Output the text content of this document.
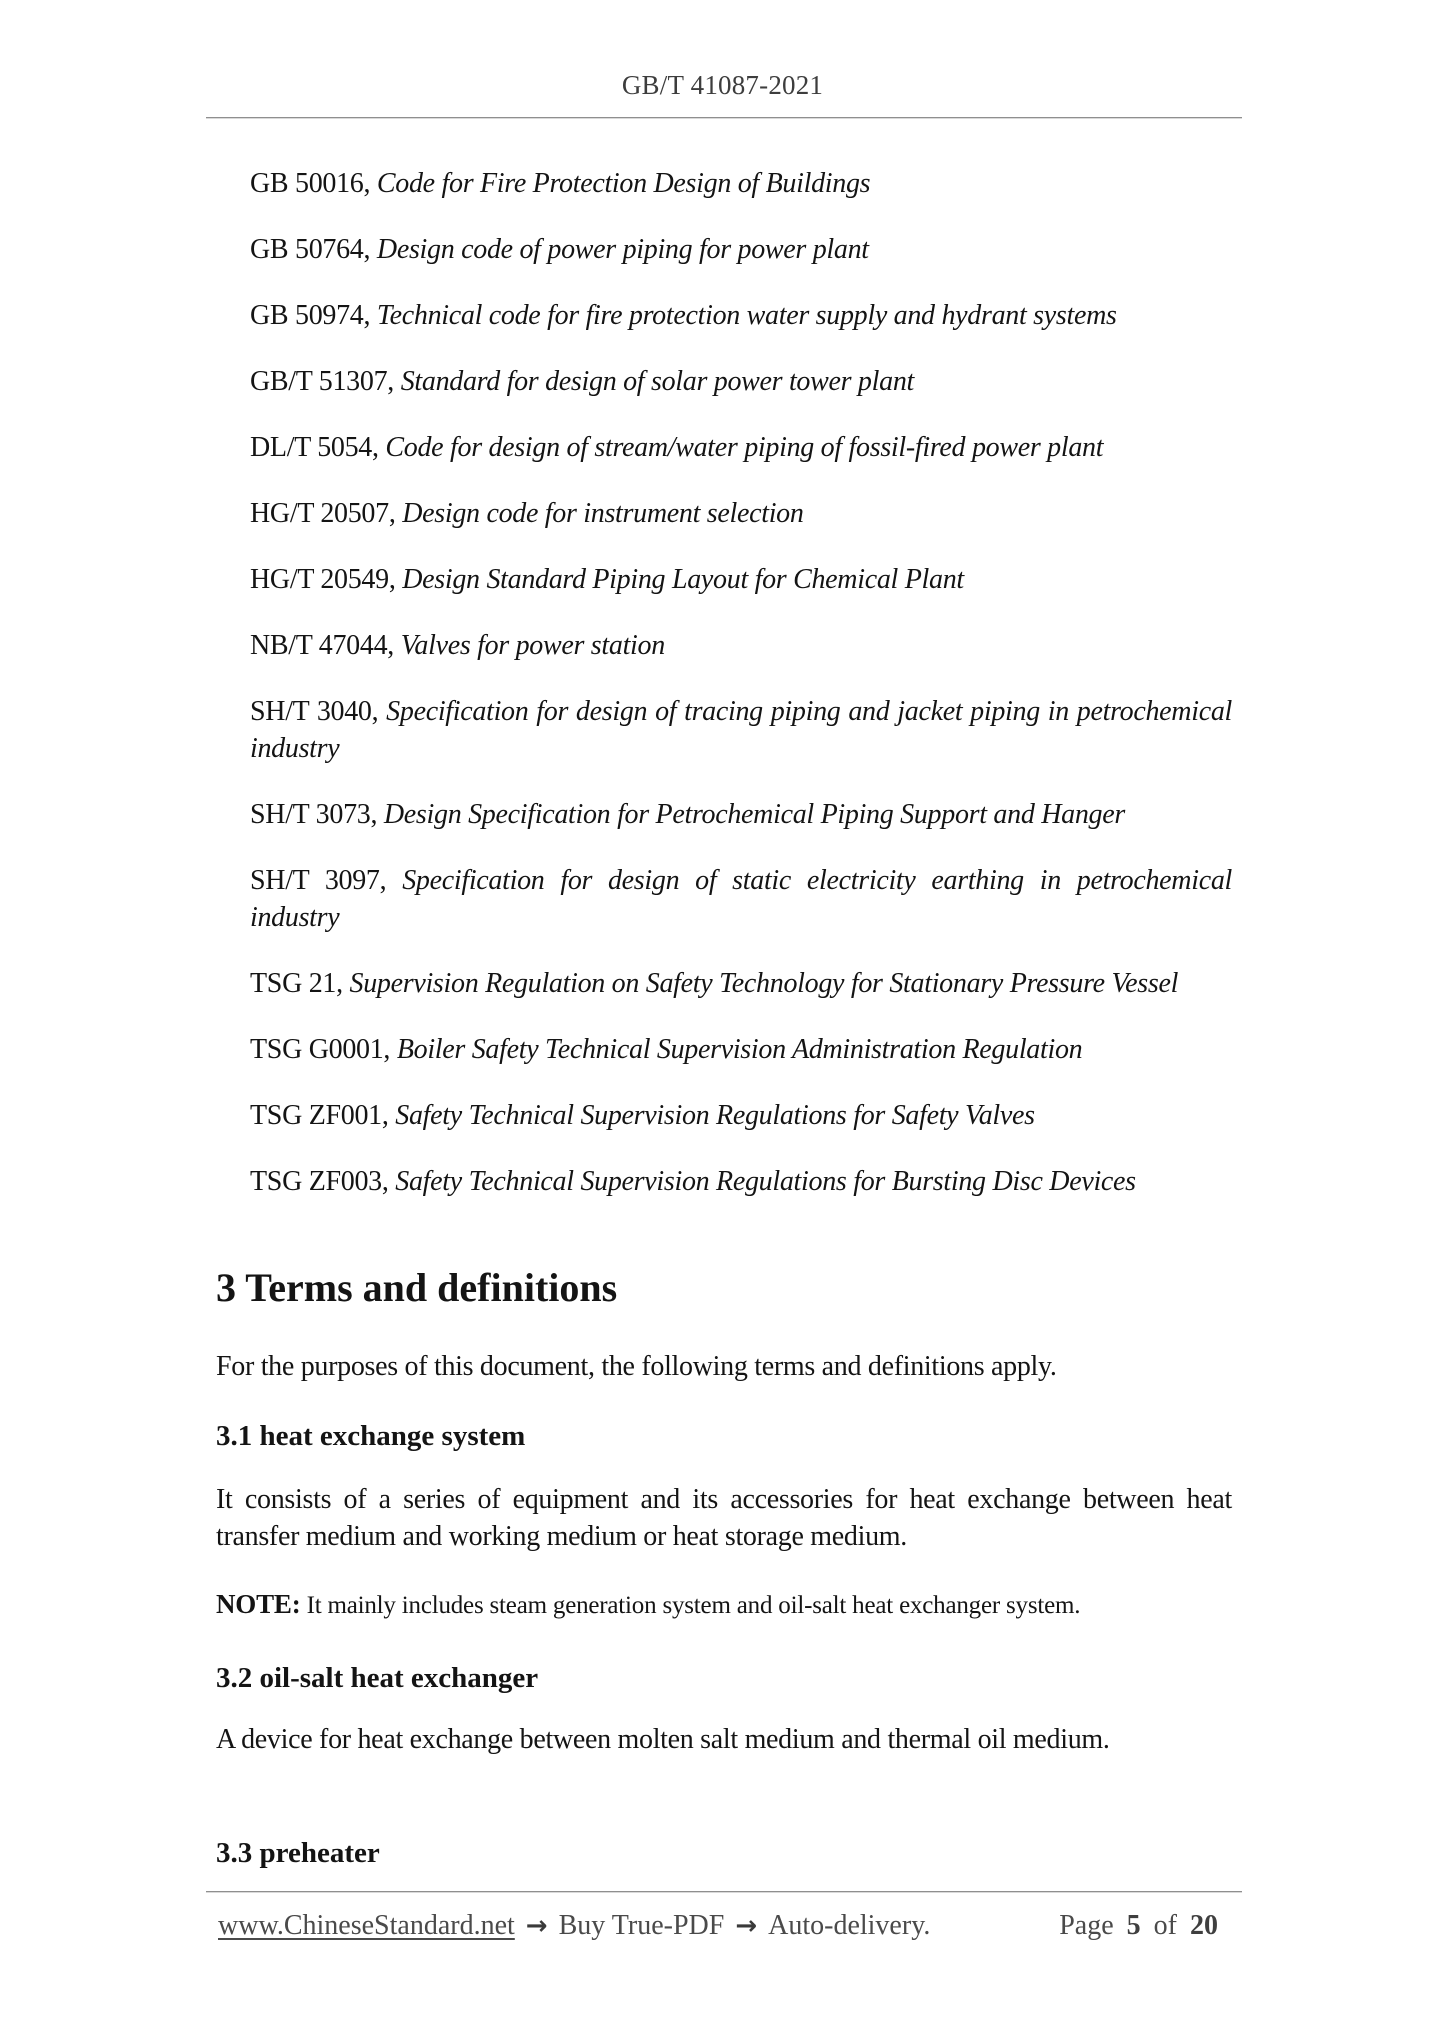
GB/T 41087-2021

GB 50016, Code for Fire Protection Design of Buildings

GB 50764, Design code of power piping for power plant

GB 50974, Technical code for fire protection water supply and hydrant systems

GB/T 51307, Standard for design of solar power tower plant

DL/T 5054, Code for design of stream/water piping of fossil-fired power plant

HG/T 20507, Design code for instrument selection

HG/T 20549, Design Standard Piping Layout for Chemical Plant

NB/T 47044, Valves for power station

SH/T 3040, Specification for design of tracing piping and jacket piping in petrochemical industry

SH/T 3073, Design Specification for Petrochemical Piping Support and Hanger

SH/T 3097, Specification for design of static electricity earthing in petrochemical industry

TSG 21, Supervision Regulation on Safety Technology for Stationary Pressure Vessel

TSG G0001, Boiler Safety Technical Supervision Administration Regulation

TSG ZF001, Safety Technical Supervision Regulations for Safety Valves

TSG ZF003, Safety Technical Supervision Regulations for Bursting Disc Devices

3 Terms and definitions

For the purposes of this document, the following terms and definitions apply.

3.1 heat exchange system

It consists of a series of equipment and its accessories for heat exchange between heat transfer medium and working medium or heat storage medium.

NOTE: It mainly includes steam generation system and oil-salt heat exchanger system.

3.2 oil-salt heat exchanger

A device for heat exchange between molten salt medium and thermal oil medium.

3.3 preheater
www.ChineseStandard.net → Buy True-PDF → Auto-delivery.	Page 5 of 20
